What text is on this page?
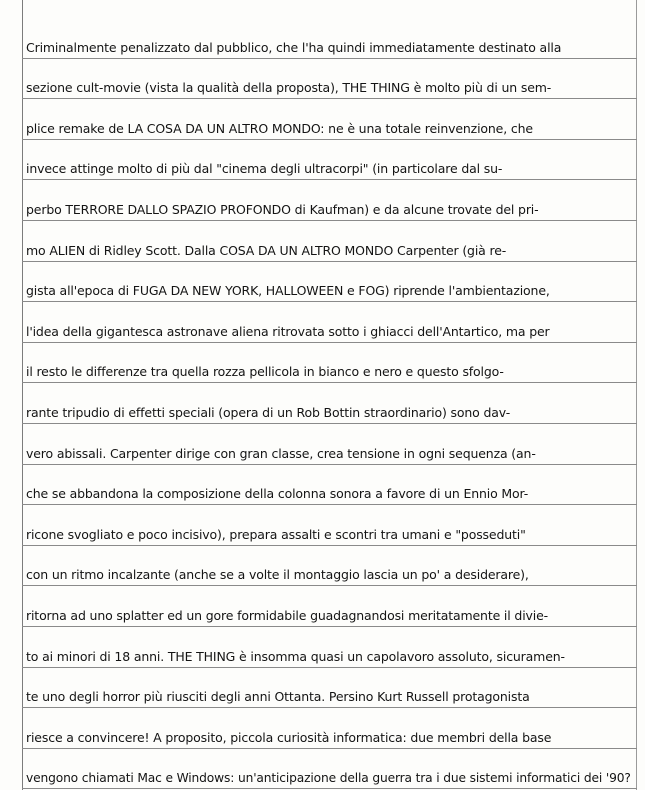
Criminalmente penalizzato dal pubblico, che l'ha quindi immediatamente destinato alla
sezione cult-movie (vista la qualità della proposta), THE THING è molto più di un sem-
plice remake de LA COSA DA UN ALTRO MONDO: ne è una totale reinvenzione, che
invece attinge molto di più dal "cinema degli ultracorpi" (in particolare dal su-
perbo TERRORE DALLO SPAZIO PROFONDO di Kaufman) e da alcune trovate del pri-
mo ALIEN di Ridley Scott. Dalla COSA DA UN ALTRO MONDO Carpenter (già re-
gista all'epoca di FUGA DA NEW YORK, HALLOWEEN e FOG) riprende l'ambientazione,
l'idea della gigantesca astronave aliena ritrovata sotto i ghiacci dell'Antartico, ma per
il resto le differenze tra quella rozza pellicola in bianco e nero e questo sfolgo-
rante tripudio di effetti speciali (opera di un Rob Bottin straordinario) sono dav-
vero abissali. Carpenter dirige con gran classe, crea tensione in ogni sequenza (an-
che se abbandona la composizione della colonna sonora a favore di un Ennio Mor-
ricone svogliato e poco incisivo), prepara assalti e scontri tra umani e "posseduti"
con un ritmo incalzante (anche se a volte il montaggio lascia un po' a desiderare),
ritorna ad uno splatter ed un gore formidabile guadagnandosi meritatamente il divie-
to ai minori di 18 anni. THE THING è insomma quasi un capolavoro assoluto, sicuramen-
te uno degli horror più riusciti degli anni Ottanta. Persino Kurt Russell protagonista
riesce a convincere! A proposito, piccola curiosità informatica: due membri della base
vengono chiamati Mac e Windows: un'anticipazione della guerra tra i due sistemi informatici dei '90?
